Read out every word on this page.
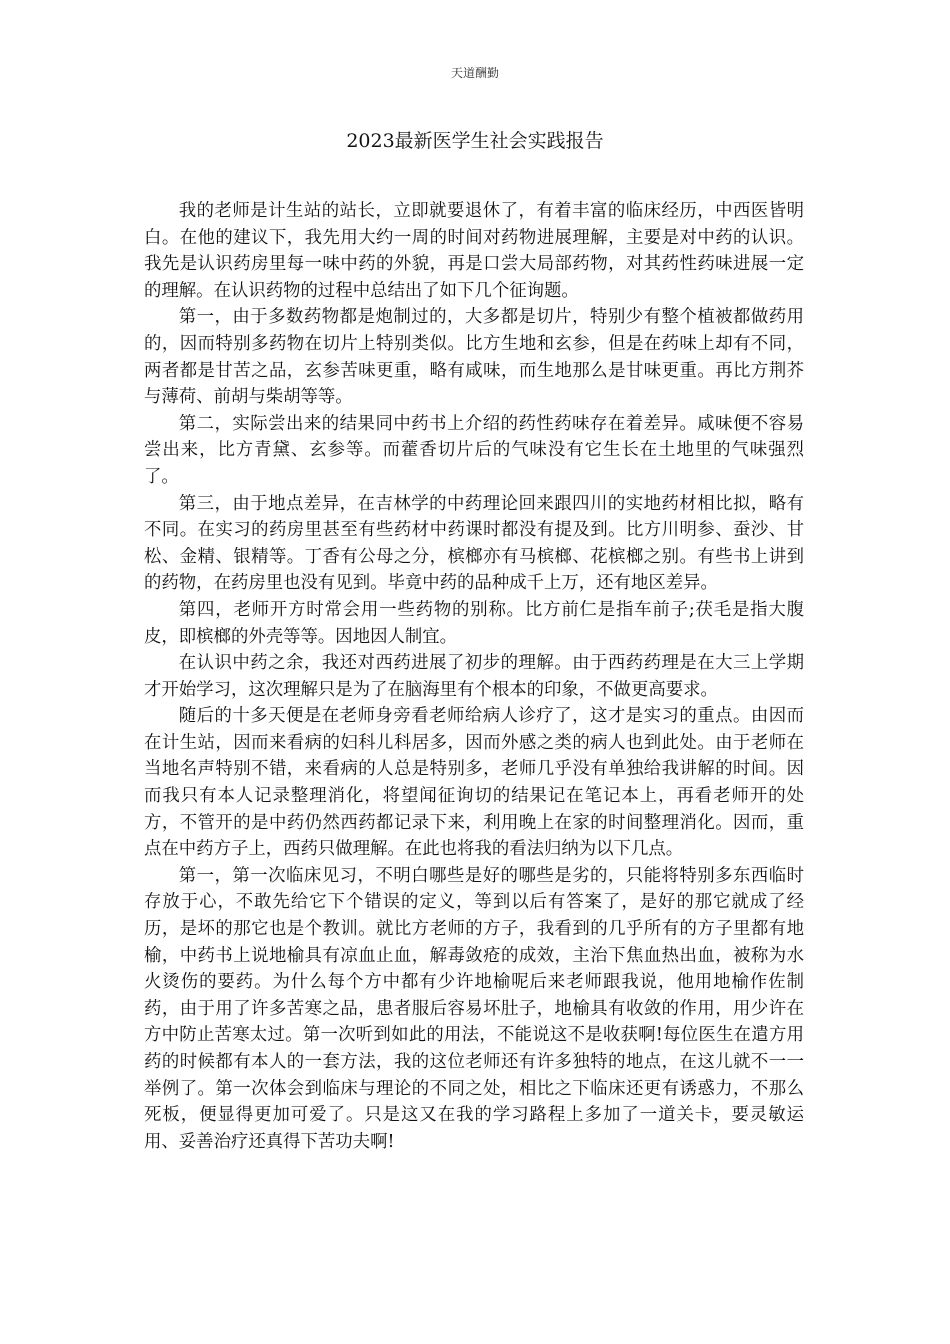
天道酬勤
2023最新医学生社会实践报告

我的老师是计生站的站长，立即就要退休了，有着丰富的临床经历，中西医皆明白。在他的建议下，我先用大约一周的时间对药物进展理解，主要是对中药的认识。我先是认识药房里每一味中药的外貌，再是口尝大局部药物，对其药性药味进展一定的理解。在认识药物的过程中总结出了如下几个征询题。

第一，由于多数药物都是炮制过的，大多都是切片，特别少有整个植被都做药用的，因而特别多药物在切片上特别类似。比方生地和玄参，但是在药味上却有不同，两者都是甘苦之品，玄参苦味更重，略有咸味，而生地那么是甘味更重。再比方荆芥与薄荷、前胡与柴胡等等。

第二，实际尝出来的结果同中药书上介绍的药性药味存在着差异。咸味便不容易尝出来，比方青黛、玄参等。而藿香切片后的气味没有它生长在土地里的气味强烈了。

第三，由于地点差异，在吉林学的中药理论回来跟四川的实地药材相比拟，略有不同。在实习的药房里甚至有些药材中药课时都没有提及到。比方川明参、蚕沙、甘松、金精、银精等。丁香有公母之分，槟榔亦有马槟榔、花槟榔之别。有些书上讲到的药物，在药房里也没有见到。毕竟中药的品种成千上万，还有地区差异。

第四，老师开方时常会用一些药物的别称。比方前仁是指车前子;茯毛是指大腹皮，即槟榔的外壳等等。因地因人制宜。

在认识中药之余，我还对西药进展了初步的理解。由于西药药理是在大三上学期才开始学习，这次理解只是为了在脑海里有个根本的印象，不做更高要求。

随后的十多天便是在老师身旁看老师给病人诊疗了，这才是实习的重点。由因而在计生站，因而来看病的妇科儿科居多，因而外感之类的病人也到此处。由于老师在当地名声特别不错，来看病的人总是特别多，老师几乎没有单独给我讲解的时间。因而我只有本人记录整理消化，将望闻征询切的结果记在笔记本上，再看老师开的处方，不管开的是中药仍然西药都记录下来，利用晚上在家的时间整理消化。因而，重点在中药方子上，西药只做理解。在此也将我的看法归纳为以下几点。

第一，第一次临床见习，不明白哪些是好的哪些是劣的，只能将特别多东西临时存放于心，不敢先给它下个错误的定义，等到以后有答案了，是好的那它就成了经历，是坏的那它也是个教训。就比方老师的方子，我看到的几乎所有的方子里都有地榆，中药书上说地榆具有凉血止血，解毒敛疮的成效，主治下焦血热出血，被称为水火烫伤的要药。为什么每个方中都有少许地榆呢后来老师跟我说，他用地榆作佐制药，由于用了许多苦寒之品，患者服后容易坏肚子，地榆具有收敛的作用，用少许在方中防止苦寒太过。第一次听到如此的用法，不能说这不是收获啊!每位医生在遣方用药的时候都有本人的一套方法，我的这位老师还有许多独特的地点，在这儿就不一一举例了。第一次体会到临床与理论的不同之处，相比之下临床还更有诱惑力，不那么死板，便显得更加可爱了。只是这又在我的学习路程上多加了一道关卡，要灵敏运用、妥善治疗还真得下苦功夫啊!
